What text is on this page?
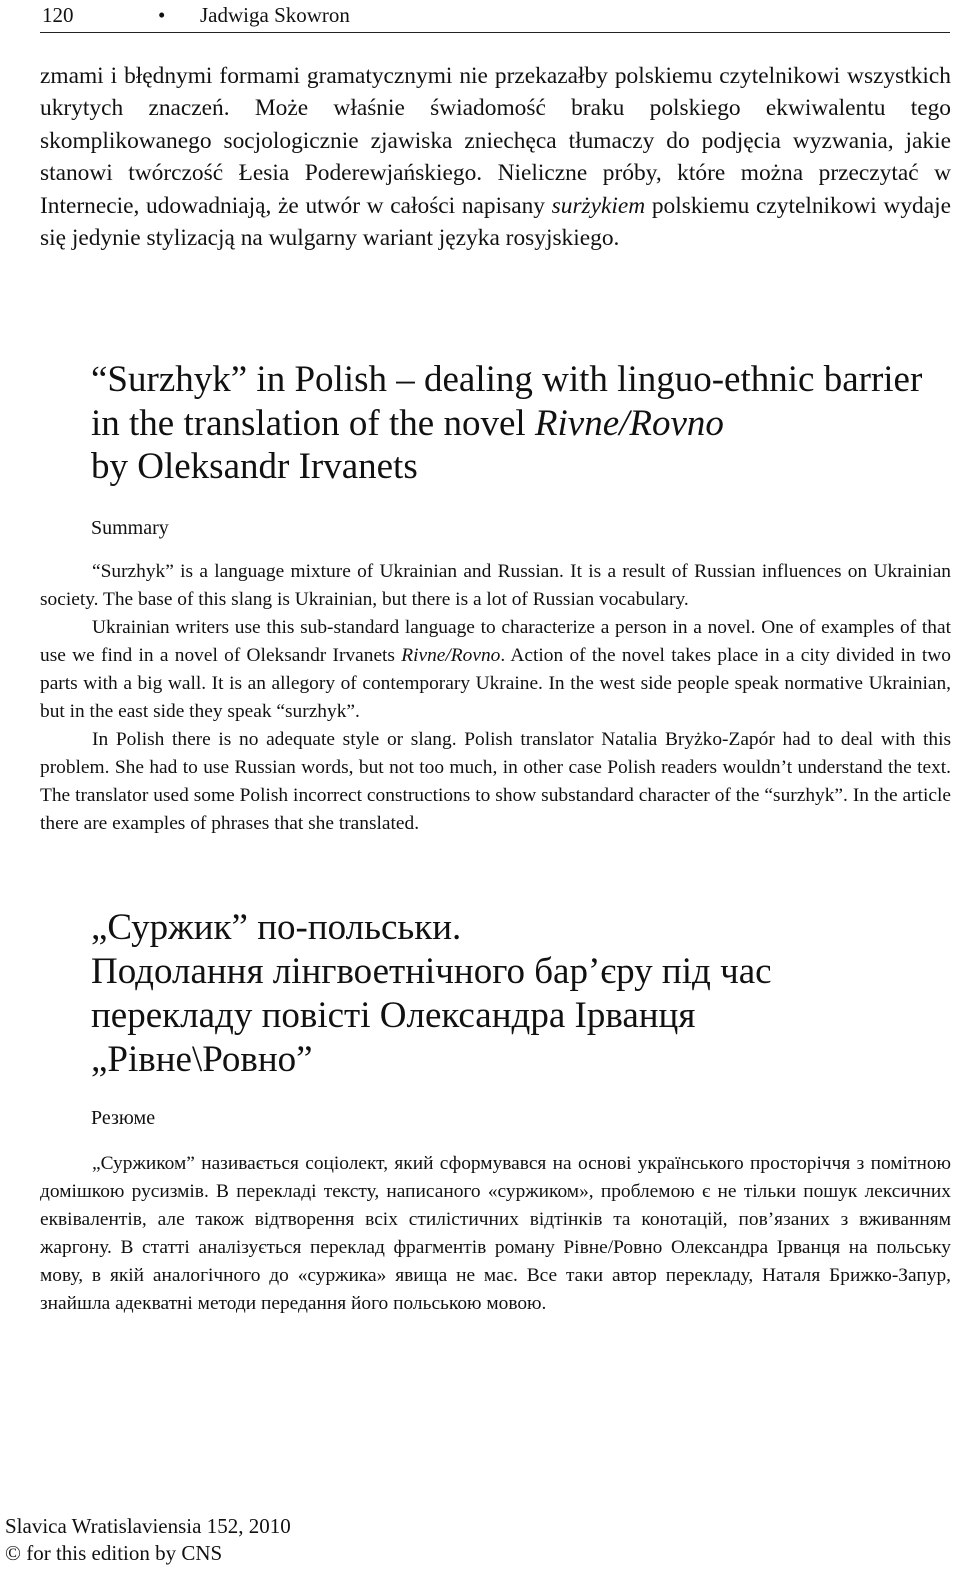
120	• Jadwiga Skowron

zmami i błędnymi formami gramatycznymi nie przekazałby polskiemu czytelnikowi wszystkich ukrytych znaczeń. Może właśnie świadomość braku polskiego ekwiwalentu tego skomplikowanego socjologicznie zjawiska zniechęca tłumaczy do podjęcia wyzwania, jakie stanowi twórczość Łesia Poderewjańskiego. Nieliczne próby, które można przeczytać w Internecie, udowadniają, że utwór w całości napisany surżykiem polskiemu czytelnikowi wydaje się jedynie stylizacją na wulgarny wariant języka rosyjskiego.

“Surzhyk” in Polish – dealing with linguo-ethnic barrier

in the translation of the novel Rivne/Rovno

by Oleksandr Irvanets

Summary

“Surzhyk” is a language mixture of Ukrainian and Russian. It is a result of Russian influences on Ukrainian society. The base of this slang is Ukrainian, but there is a lot of Russian vocabulary.

Ukrainian writers use this sub-standard language to characterize a person in a novel. One of examples of that use we find in a novel of Oleksandr Irvanets Rivne/Rovno. Action of the novel takes place in a city divided in two parts with a big wall. It is an allegory of contemporary Ukraine. In the west side people speak normative Ukrainian, but in the east side they speak “surzhyk”.

In Polish there is no adequate style or slang. Polish translator Natalia Bryżko-Zapór had to deal with this problem. She had to use Russian words, but not too much, in other case Polish readers wouldn’t understand the text. The translator used some Polish incorrect constructions to show substandard character of the “surzhyk”. In the article there are examples of phrases that she translated.

„Суржик” по-польськи.

Подолання лінгвоетнічного бар’єру під час

перекладу повісті Олександра Ірванця

„Рівне\Ровно”

Резюме

„Суржиком” називається соціолект, який сформувався на основі українського просторіччя з помітною домішкою русизмів. В перекладі тексту, написаного «суржиком», проблемою є не тільки пошук лексичних еквівалентів, але також відтворення всіх стилістичних відтінків та конотацій, пов’язаних з вживанням жаргону. В статті аналізується переклад фрагментів роману Рівне/Ровно Олександра Ірванця на польську мову, в якій аналогічного до «суржика» явища не має. Все таки автор перекладу, Наталя Брижко-Запур, знайшла адекватні методи передання його польською мовою.

Slavica Wratislaviensia 152, 2010
© for this edition by CNS
